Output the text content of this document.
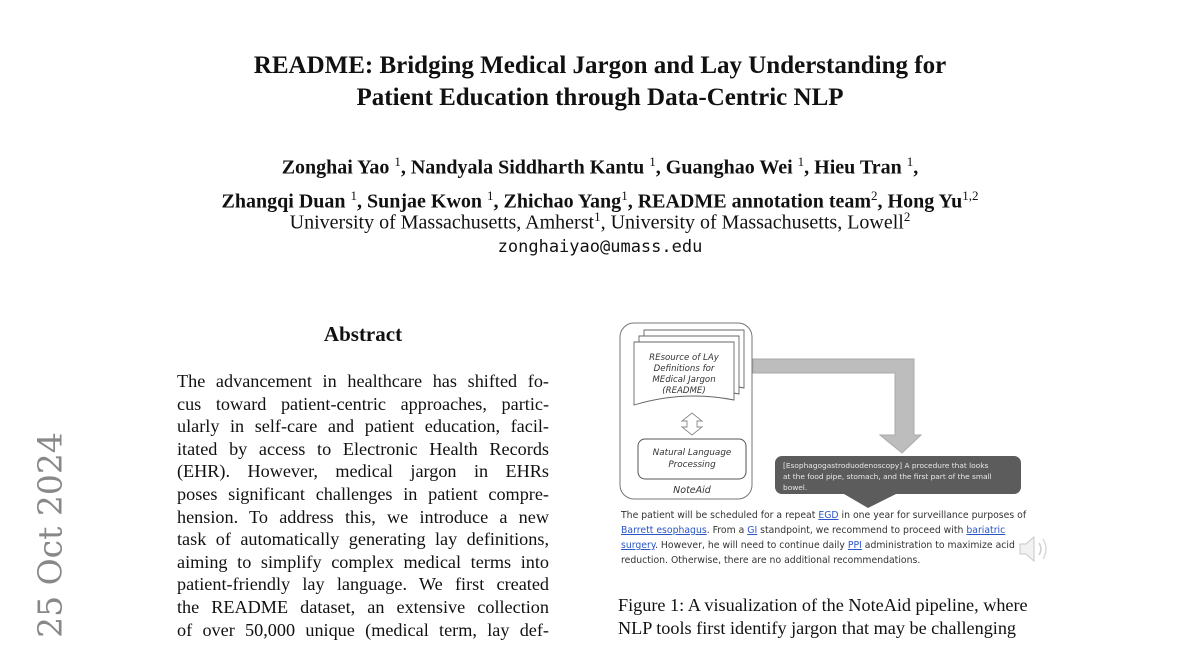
README: Bridging Medical Jargon and Lay Understanding for
Patient Education through Data-Centric NLP
Zonghai Yao $^1$, Nandyala Siddharth Kantu $^1$, Guanghao Wei $^1$, Hieu Tran $^1$,
Zhangqi Duan $^1$, Sunjae Kwon $^1$, Zhichao Yang$^1$, README annotation team$^2$, Hong Yu$^{1,2}$
University of Massachusetts, Amherst$^1$, University of Massachusetts, Lowell$^2$
zonghaiyao@umass.edu
25 Oct 2024
Abstract
The advancement in healthcare has shifted fo-
cus toward patient-centric approaches, partic-
ularly in self-care and patient education, facil-
itated by access to Electronic Health Records
(EHR). However, medical jargon in EHRs
poses significant challenges in patient compre-
hension. To address this, we introduce a new
task of automatically generating lay definitions,
aiming to simplify complex medical terms into
patient-friendly lay language. We first created
the README dataset, an extensive collection
of over 50,000 unique (medical term, lay def-
REsource of LAy
Definitions for
MEdical Jargon
(README)
Natural Language
Processing
NoteAid
[Esophagogastroduodenoscopy] A procedure that looks
at the food pipe, stomach, and the first part of the small
bowel.
The patient will be scheduled for a repeat EGD in one year for surveillance purposes of
Barrett esophagus. From a GI standpoint, we recommend to proceed with bariatric
surgery. However, he will need to continue daily PPI administration to maximize acid
reduction. Otherwise, there are no additional recommendations.
Figure 1: A visualization of the NoteAid pipeline, where
NLP tools first identify jargon that may be challenging
